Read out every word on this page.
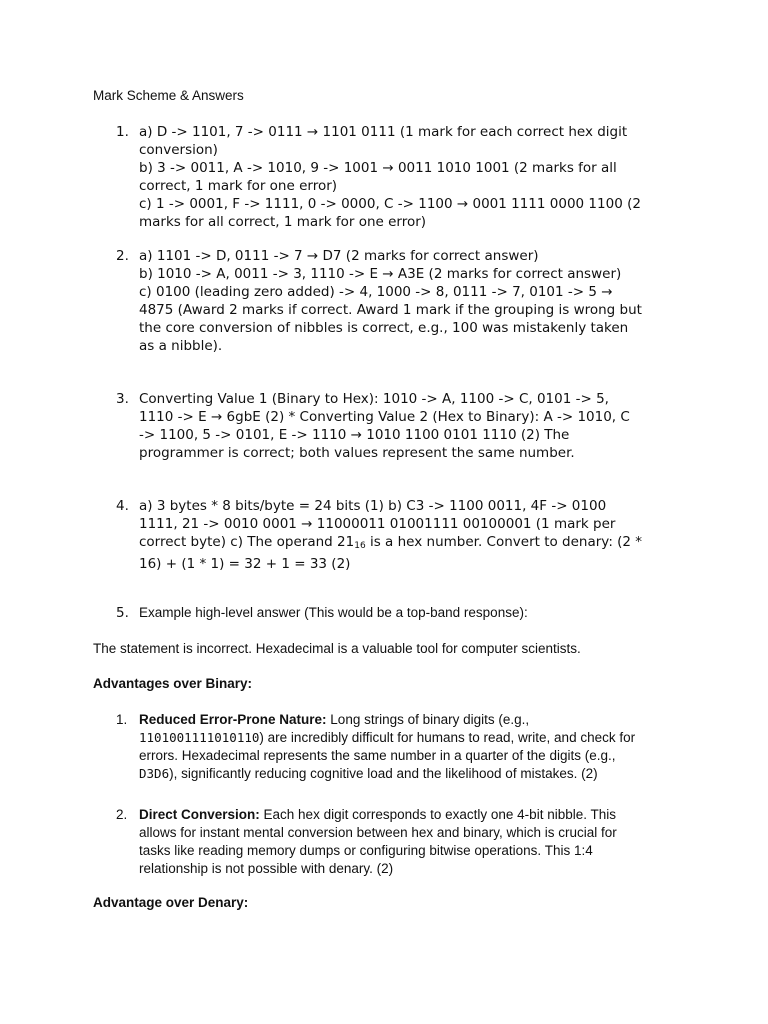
Mark Scheme & Answers
1. a) D -> 1101, 7 -> 0111 → 1101 0111 (1 mark for each correct hex digit
conversion)
b) 3 -> 0011, A -> 1010, 9 -> 1001 → 0011 1010 1001 (2 marks for all
correct, 1 mark for one error)
c) 1 -> 0001, F -> 1111, 0 -> 0000, C -> 1100 → 0001 1111 0000 1100 (2
marks for all correct, 1 mark for one error)
2. a) 1101 -> D, 0111 -> 7 → D7 (2 marks for correct answer)
b) 1010 -> A, 0011 -> 3, 1110 -> E → A3E (2 marks for correct answer)
c) 0100 (leading zero added) -> 4, 1000 -> 8, 0111 -> 7, 0101 -> 5 →
4875 (Award 2 marks if correct. Award 1 mark if the grouping is wrong but
the core conversion of nibbles is correct, e.g., 100 was mistakenly taken
as a nibble).
3. Converting Value 1 (Binary to Hex): 1010 -> A, 1100 -> C, 0101 -> 5,
1110 -> E → 6gbE (2) * Converting Value 2 (Hex to Binary): A -> 1010, C
-> 1100, 5 -> 0101, E -> 1110 → 1010 1100 0101 1110 (2) The
programmer is correct; both values represent the same number.
4. a) 3 bytes * 8 bits/byte = 24 bits (1) b) C3 -> 1100 0011, 4F -> 0100
1111, 21 -> 0010 0001 → 11000011 01001111 00100001 (1 mark per
correct byte) c) The operand $21_{16}$ is a hex number. Convert to denary: (2 *
16) + (1 * 1) = 32 + 1 = 33 (2)
5. Example high-level answer (This would be a top-band response):
The statement is incorrect. Hexadecimal is a valuable tool for computer scientists.
Advantages over Binary:
1. Reduced Error-Prone Nature: Long strings of binary digits (e.g.,
1101001111010110) are incredibly difficult for humans to read, write, and check for
errors. Hexadecimal represents the same number in a quarter of the digits (e.g.,
D3D6), significantly reducing cognitive load and the likelihood of mistakes. (2)
2. Direct Conversion: Each hex digit corresponds to exactly one 4-bit nibble. This
allows for instant mental conversion between hex and binary, which is crucial for
tasks like reading memory dumps or configuring bitwise operations. This 1:4
relationship is not possible with denary. (2)
Advantage over Denary:
